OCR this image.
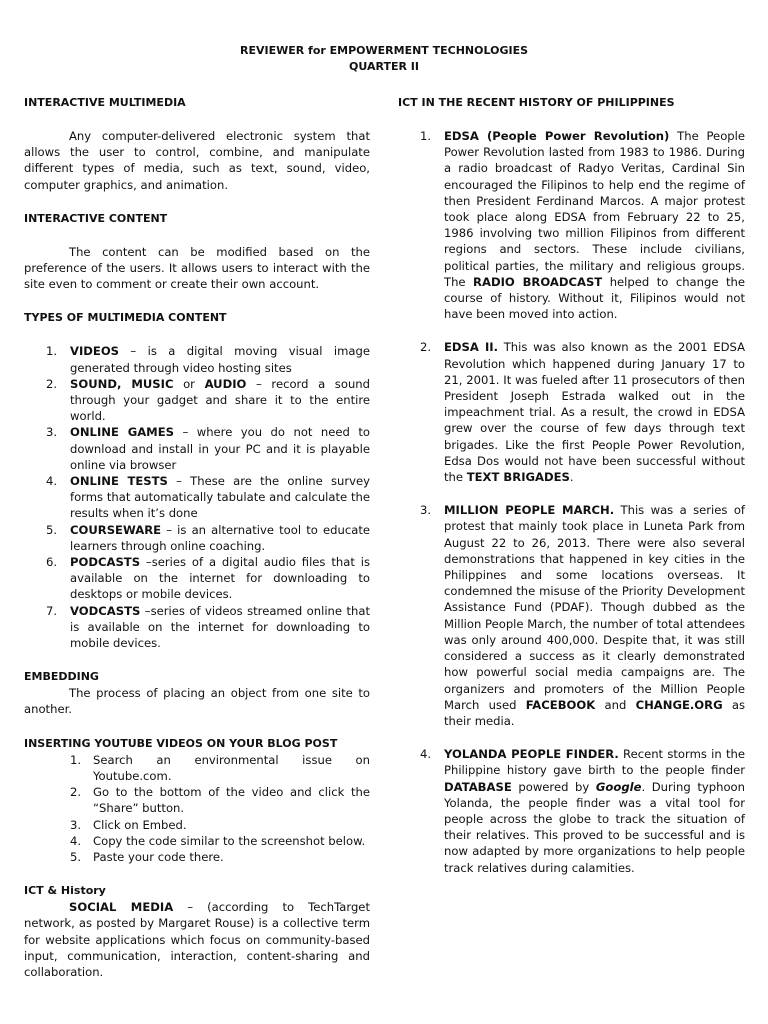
REVIEWER for EMPOWERMENT TECHNOLOGIES
QUARTER II
INTERACTIVE MULTIMEDIA

Any computer-delivered electronic system that allows the user to control, combine, and manipulate different types of media, such as text, sound, video, computer graphics, and animation.

INTERACTIVE CONTENT

The content can be modified based on the preference of the users. It allows users to interact with the site even to comment or create their own account.

TYPES OF MULTIMEDIA CONTENT
1. VIDEOS – is a digital moving visual image generated through video hosting sites
2. SOUND, MUSIC or AUDIO – record a sound through your gadget and share it to the entire world.
3. ONLINE GAMES – where you do not need to download and install in your PC and it is playable online via browser
4. ONLINE TESTS – These are the online survey forms that automatically tabulate and calculate the results when it’s done
5. COURSEWARE – is an alternative tool to educate learners through online coaching.
6. PODCASTS –series of a digital audio files that is available on the internet for downloading to desktops or mobile devices.
7. VODCASTS –series of videos streamed online that is available on the internet for downloading to mobile devices.
EMBEDDING

The process of placing an object from one site to another.

INSERTING YOUTUBE VIDEOS ON YOUR BLOG POST
1. Search an environmental issue on Youtube.com.
2. Go to the bottom of the video and click the “Share” button.
3. Click on Embed.
4. Copy the code similar to the screenshot below.
5. Paste your code there.
ICT & History

SOCIAL MEDIA – (according to TechTarget network, as posted by Margaret Rouse) is a collective term for website applications which focus on community-based input, communication, interaction, content-sharing and collaboration.

ICT IN THE RECENT HISTORY OF PHILIPPINES
1. EDSA (People Power Revolution) The People Power Revolution lasted from 1983 to 1986. During a radio broadcast of Radyo Veritas, Cardinal Sin encouraged the Filipinos to help end the regime of then President Ferdinand Marcos. A major protest took place along EDSA from February 22 to 25, 1986 involving two million Filipinos from different regions and sectors. These include civilians, political parties, the military and religious groups. The RADIO BROADCAST helped to change the course of history. Without it, Filipinos would not have been moved into action.
2. EDSA II. This was also known as the 2001 EDSA Revolution which happened during January 17 to 21, 2001. It was fueled after 11 prosecutors of then President Joseph Estrada walked out in the impeachment trial. As a result, the crowd in EDSA grew over the course of few days through text brigades. Like the first People Power Revolution, Edsa Dos would not have been successful without the TEXT BRIGADES.
3. MILLION PEOPLE MARCH. This was a series of protest that mainly took place in Luneta Park from August 22 to 26, 2013. There were also several demonstrations that happened in key cities in the Philippines and some locations overseas. It condemned the misuse of the Priority Development Assistance Fund (PDAF). Though dubbed as the Million People March, the number of total attendees was only around 400,000. Despite that, it was still considered a success as it clearly demonstrated how powerful social media campaigns are. The organizers and promoters of the Million People March used FACEBOOK and CHANGE.ORG as their media.
4. YOLANDA PEOPLE FINDER. Recent storms in the Philippine history gave birth to the people finder DATABASE powered by Google. During typhoon Yolanda, the people finder was a vital tool for people across the globe to track the situation of their relatives. This proved to be successful and is now adapted by more organizations to help people track relatives during calamities.
